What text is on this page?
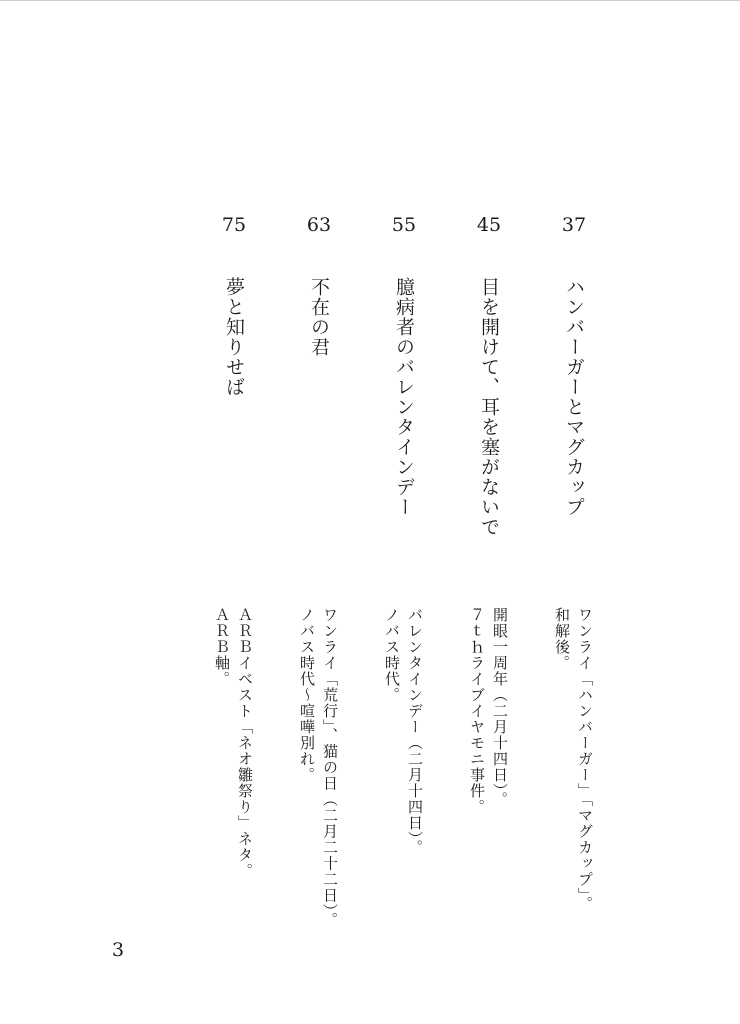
37
ハンバーガーとマグカップ
ワンライ「ハンバーガー」「マグカップ」。
和解後。
45
目を開けて、耳を塞がないで
開眼一周年（二月十四日）。
７ｔｈライブイヤモニ事件。
55
臆病者のバレンタインデー
バレンタインデー（二月十四日）。
ノバス時代。
63
不在の君
ワンライ「荒行」、猫の日（二月二十二日）。
ノバス時代～喧嘩別れ。
75
夢と知りせば
ＡＲＢイベスト「ネオ雛祭り」ネタ。
ＡＲＢ軸。
3
